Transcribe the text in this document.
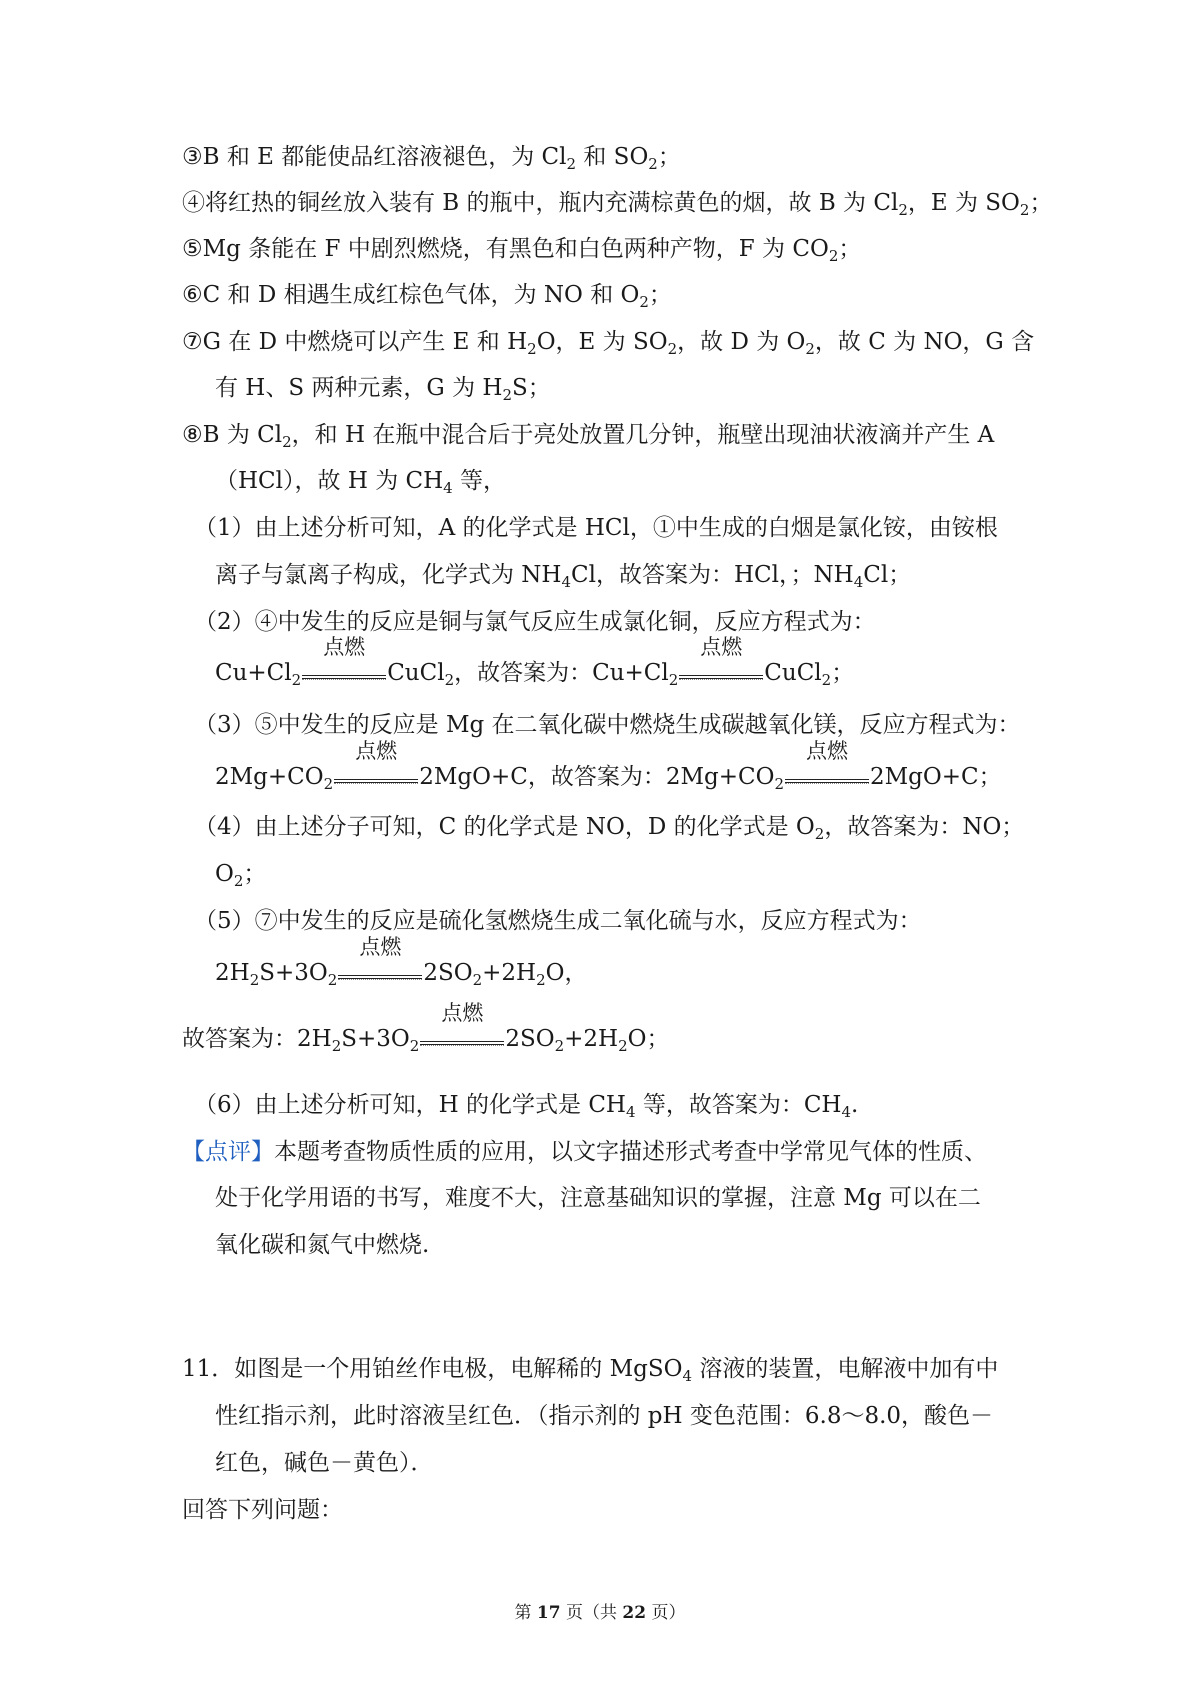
③B 和 E 都能使品红溶液褪色，为 $Cl_2$ 和 $SO_2$；
④将红热的铜丝放入装有 B 的瓶中，瓶内充满棕黄色的烟，故 B 为 $Cl_2$，E 为 $SO_2$；
⑤Mg 条能在 F 中剧烈燃烧，有黑色和白色两种产物，F 为 $CO_2$；
⑥C 和 D 相遇生成红棕色气体，为 NO 和 $O_2$；
⑦G 在 D 中燃烧可以产生 E 和 $H_2O$，E 为 $SO_2$，故 D 为 $O_2$，故 C 为 NO，G 含
有 H、S 两种元素，G 为 $H_2S$；
⑧B 为 $Cl_2$，和 H 在瓶中混合后于亮处放置几分钟，瓶壁出现油状液滴并产生 A
（HCl），故 H 为 $CH_4$ 等，
（1）由上述分析可知，A 的化学式是 HCl，①中生成的白烟是氯化铵，由铵根
离子与氯离子构成，化学式为 $NH_4Cl$，故答案为：HCl，；$NH_4Cl$；
（2）④中发生的反应是铜与氯气反应生成氯化铜，反应方程式为：
$Cu+Cl_2$
点燃
CuCl$_2$，故答案为：$Cu+Cl_2$
点燃
CuCl$_2$；
（3）⑤中发生的反应是 Mg 在二氧化碳中燃烧生成碳越氧化镁，反应方程式为：
$2Mg+CO_2$
点燃
2MgO+C，故答案为：$2Mg+CO_2$
点燃
2MgO+C；
（4）由上述分子可知，C 的化学式是 NO，D 的化学式是 $O_2$，故答案为：NO；
$O_2$；
（5）⑦中发生的反应是硫化氢燃烧生成二氧化硫与水，反应方程式为：
$2H_2S+3O_2$
点燃
$2SO_2+2H_2O$，
故答案为：$2H_2S+3O_2$
点燃
$2SO_2+2H_2O$；
（6）由上述分析可知，H 的化学式是 $CH_4$ 等，故答案为：$CH_4$.
【点评】本题考查物质性质的应用，以文字描述形式考查中学常见气体的性质、
处于化学用语的书写，难度不大，注意基础知识的掌握，注意 Mg 可以在二
氧化碳和氮气中燃烧.
11．如图是一个用铂丝作电极，电解稀的 MgSO$_4$ 溶液的装置，电解液中加有中
性红指示剂，此时溶液呈红色．（指示剂的 pH 变色范围：6.8～8.0，酸色－
红色，碱色－黄色）．
回答下列问题：
第 17 页（共 22 页）
